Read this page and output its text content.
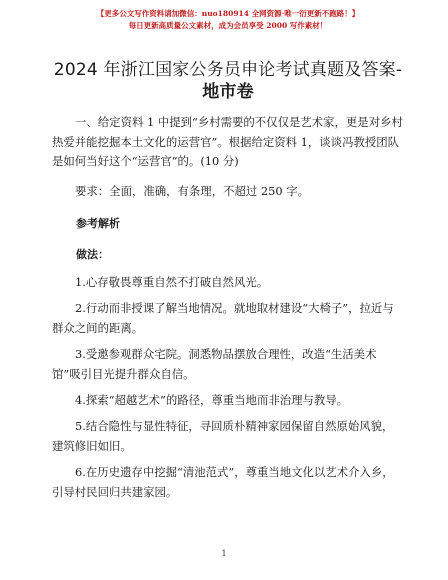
【更多公文写作资料请加微信：nuo180914 全网资源·唯一衍更新不跑路！】
每日更新高质量公文素材，成为会员享受 2000 写作素材！
2024 年浙江国家公务员申论考试真题及答案-
地市卷
一、给定资料 1 中提到“乡村需要的不仅仅是艺术家，更是对乡村热爱并能挖掘本土文化的运营官”。根据给定资料 1，谈谈冯教授团队是如何当好这个“运营官”的。(10 分)
要求：全面，准确，有条理，不超过 250 字。
参考解析
做法：
1.心存敬畏尊重自然不打破自然风光。
2.行动而非授课了解当地情况。就地取材建设“大椅子”，拉近与群众之间的距离。
3.受邀参观群众宅院。洞悉物品摆放合理性，改造“生活美术馆”吸引目光提升群众自信。
4.探索“超越艺术”的路径，尊重当地而非治理与教导。
5.结合隐性与显性特征，寻回质朴精神家园保留自然原始风貌，建筑修旧如旧。
6.在历史遗存中挖掘“清池范式”，尊重当地文化以艺术介入乡，引导村民回归共建家园。
1
